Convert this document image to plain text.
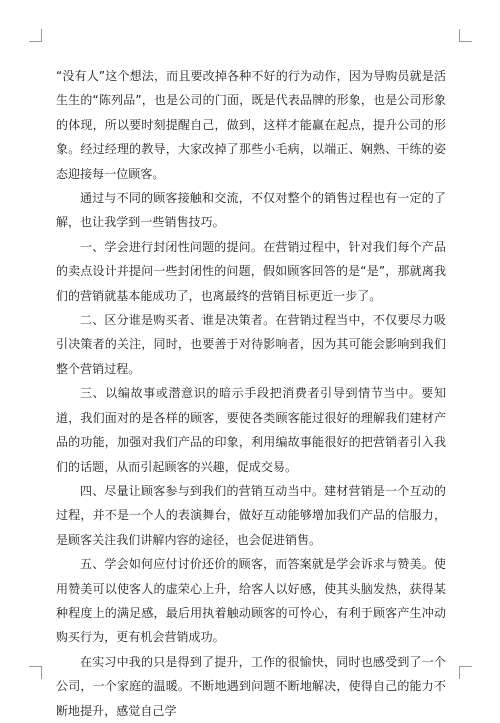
“没有人”这个想法，而且要改掉各种不好的行为动作，因为导购员就是活生生的“陈列品”，也是公司的门面，既是代表品牌的形象，也是公司形象的体现，所以要时刻提醒自己，做到，这样才能赢在起点，提升公司的形象。经过经理的教导，大家改掉了那些小毛病，以端正、娴熟、干练的姿态迎接每一位顾客。

通过与不同的顾客接触和交流，不仅对整个的销售过程也有一定的了解，也让我学到一些销售技巧。

一、学会进行封闭性问题的提问。在营销过程中，针对我们每个产品的卖点设计并提问一些封闭性的问题，假如顾客回答的是“是”，那就离我们的营销就基本能成功了，也离最终的营销目标更近一步了。

二、区分谁是购买者、谁是决策者。在营销过程当中，不仅要尽力吸引决策者的关注，同时，也要善于对待影响者，因为其可能会影响到我们整个营销过程。

三、以编故事或潜意识的暗示手段把消费者引导到情节当中。要知道，我们面对的是各样的顾客，要使各类顾客能过很好的理解我们建材产品的功能，加强对我们产品的印象，利用编故事能很好的把营销者引入我们的话题，从而引起顾客的兴趣，促成交易。

四、尽量让顾客参与到我们的营销互动当中。建材营销是一个互动的过程，并不是一个人的表演舞台，做好互动能够增加我们产品的信服力，是顾客关注我们讲解内容的途径，也会促进销售。

五、学会如何应付讨价还价的顾客，而答案就是学会诉求与赞美。使用赞美可以使客人的虚荣心上升，给客人以好感，使其头脑发热，获得某种程度上的满足感，最后用执着触动顾客的可怜心，有利于顾客产生冲动购买行为，更有机会营销成功。

在实习中我的只是得到了提升，工作的很愉快，同时也感受到了一个公司，一个家庭的温暖。不断地遇到问题不断地解决，使得自己的能力不断地提升，感觉自己学
